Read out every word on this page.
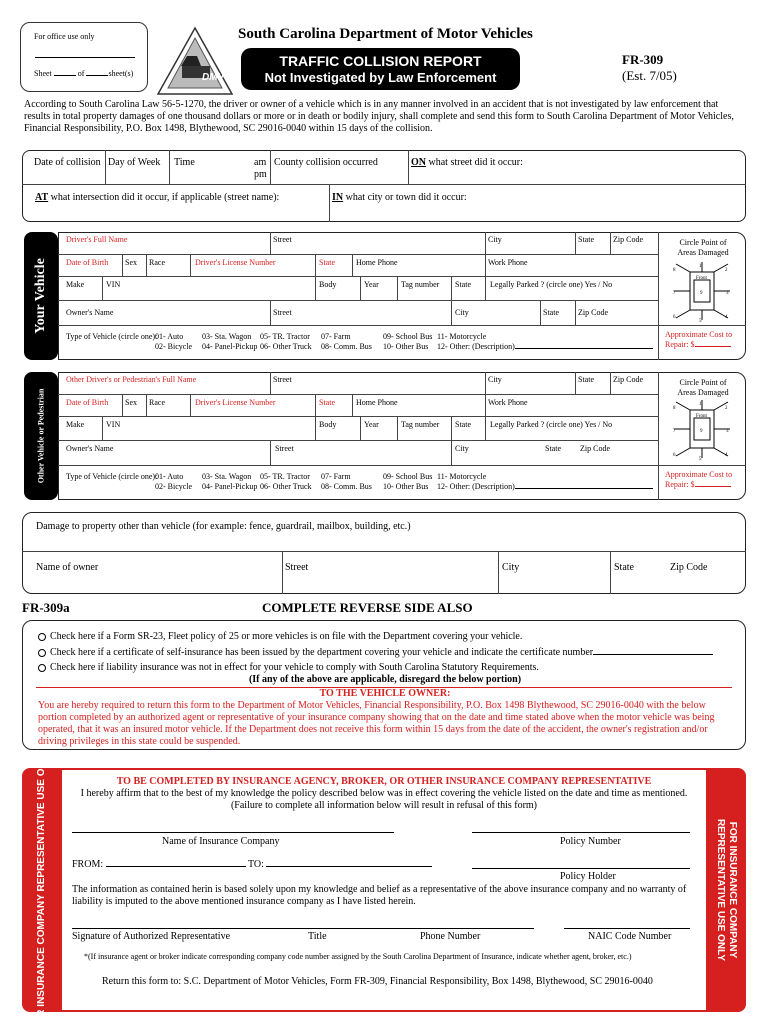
For office use only
Sheet	of	sheet(s)	DMV
South Carolina Department of Motor Vehicles
TRAFFIC COLLISION REPORT
Not Investigated by Law Enforcement
FR-309
(Est. 7/05)
According to South Carolina Law 56-5-1270, the driver or owner of a vehicle which is in any manner involved in an accident that is not investigated by law enforcement that results in total property damages of one thousand dollars or more or in death or bodily injury, shall complete and send this form to South Carolina Department of Motor Vehicles, Financial Responsibility, P.O. Box 1498, Blythewood, SC 29016-0040 within 15 days of the collision.
Date of collision Day of Week Time	am
pm
County collision occurred	ON what street did it occur:
AT what intersection did it occur, if applicable (street name):	IN what city or town did it occur:
Your Vehicle
Driver's Full Name	Street	City	State Zip Code
Date of Birth Sex Race	Driver's License Number	State	Home Phone	Work Phone
Make	VIN	Body	Year	Tag number State Legally Parked ? (circle one) Yes / No
Owner's Name	Street	City	State Zip Code
Type of Vehicle (circle one):
01- Auto
02- Bicycle
03- Sta. Wagon
04- Panel-Pickup
05- TR. Tractor
06- Other Truck
07- Farm
08- Comm. Bus
09- School Bus
10- Other Bus
11- Motorcycle
12- Other: (Description)
Circle Point of
Areas Damaged
Front
1
2
3
4
5
6
7
8
9
Approximate Cost to
Repair: $
Other Vehicle or Pedestrian
Other Driver's or Pedestrian's Full Name	Street	City	State Zip Code
Date of Birth Sex Race	Driver's License Number	State	Home Phone	Work Phone
Make	VIN	Body	Year	Tag number State Legally Parked ? (circle one) Yes / No
Owner's Name	Street	City	State Zip Code
Type of Vehicle (circle one):
01- Auto
02- Bicycle
03- Sta. Wagon
04- Panel-Pickup
05- TR. Tractor
06- Other Truck
07- Farm
08- Comm. Bus
09- School Bus
10- Other Bus
11- Motorcycle
12- Other: (Description)
Circle Point of
Areas Damaged
Front
1
2
3
4
5
6
7
8
9
Approximate Cost to
Repair: $
Damage to property other than vehicle (for example: fence, guardrail, mailbox, building, etc.)
Name of owner	Street	City	State	Zip Code
FR-309a	COMPLETE REVERSE SIDE ALSO
Check here if a Form SR-23, Fleet policy of 25 or more vehicles is on file with the Department covering your vehicle.
Check here if a certificate of self-insurance has been issued by the department covering your vehicle and indicate the certificate number
Check here if liability insurance was not in effect for your vehicle to comply with South Carolina Statutory Requirements.
(If any of the above are applicable, disregard the below portion)
TO THE VEHICLE OWNER:
You are hereby required to return this form to the Department of Motor Vehicles, Financial Responsibility, P.O. Box 1498 Blythewood, SC 29016-0040 with the below portion completed by an authorized agent or representative of your insurance company showing that on the date and time stated above when the motor vehicle was being operated, that it was an insured motor vehicle. If the Department does not receive this form within 15 days from the date of the accident, the owner's registration and/or driving privileges in this state could be suspended.
FOR INSURANCE COMPANY REPRESENTATIVE USE ONLY	FOR INSURANCE COMPANY REPRESENTATIVE USE ONLY
TO BE COMPLETED BY INSURANCE AGENCY, BROKER, OR OTHER INSURANCE COMPANY REPRESENTATIVE
I hereby affirm that to the best of my knowledge the policy described below was in effect covering the vehicle listed on the date and time as mentioned.
(Failure to complete all information below will result in refusal of this form)
Name of Insurance Company	Policy Number
FROM:	TO:
Policy Holder
The information as contained herin is based solely upon my knowledge and belief as a representative of the above insurance company and no warranty of liability is imputed to the above mentioned insurance company as I have listed herein.
Signature of Authorized Representative	Title	Phone Number	NAIC Code Number
*(If insurance agent or broker indicate corresponding company code number assigned by the South Carolina Department of Insurance, indicate whether agent, broker, etc.)
Return this form to: S.C. Department of Motor Vehicles, Form FR-309, Financial Responsibility, Box 1498, Blythewood, SC 29016-0040
